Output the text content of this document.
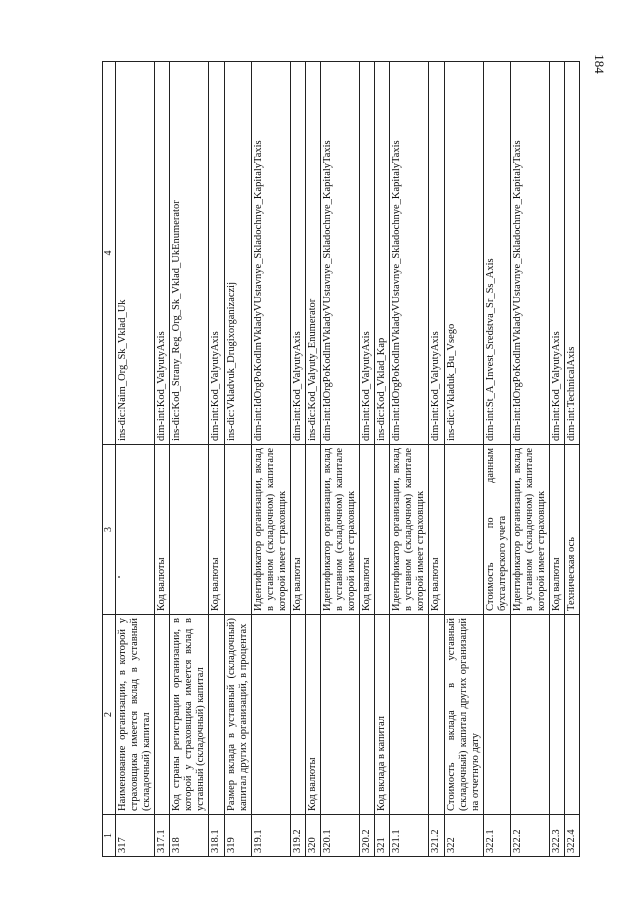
184
1	2	3	4
317	Наименование организации, в которой у страховщика имеется вклад в уставный (складочный) капитал		ins-dic:Naim_Org_Sk_Vklad_Uk
317.1		Код валюты	dim-int:Kod_ValyutyAxis
318	Код страны регистрации организации, в которой у страховщика имеется вклад в уставный (складочный) капитал		ins-dic:Kod_Strany_Reg_Org_Sk_Vklad_UkEnumerator
318.1		Код валюты	dim-int:Kod_ValyutyAxis
319	Размер вклада в уставный (складочный) капитал других организаций, в процентах		ins-dic:Vkladvuk_Drugixorganizaczij
319.1		Идентификатор организации, вклад в уставном (складочном) капитале которой имеет страховщик	dim-int:IdOrgPoKodlmVkladyVUstavnye_Skladochnye_KapitalyTaxis
319.2		Код валюты	dim-int:Kod_ValyutyAxis
320	Код валюты		ins-dic:Kod_Valyuty_Enumerator
320.1		Идентификатор организации, вклад в уставном (складочном) капитале которой имеет страховщик	dim-int:IdOrgPoKodlmVkladyVUstavnye_Skladochnye_KapitalyTaxis
320.2		Код валюты	dim-int:Kod_ValyutyAxis
321	Код вклада в капитал		ins-dic:Kod_Vklad_Kap
321.1		Идентификатор организации, вклад в уставном (складочном) капитале которой имеет страховщик	dim-int:IdOrgPoKodlmVkladyVUstavnye_Skladochnye_KapitalyTaxis
321.2		Код валюты	dim-int:Kod_ValyutyAxis
322	Стоимость вклада в уставный (складочный) капитал других организаций на отчетную дату		ins-dic:Vkladuk_Bu_Vsego
322.1		Стоимость по данным бухгалтерского учета	dim-int:St_A_Invest_Sredstva_Sr_Ss_Axis
322.2		Идентификатор организации, вклад в уставном (складочном) капитале которой имеет страховщик	dim-int:IdOrgPoKodlmVkladyVUstavnye_Skladochnye_KapitalyTaxis
322.3		Код валюты	dim-int:Kod_ValyutyAxis
322.4		Техническая ось	dim-int:TechnicalAxis
